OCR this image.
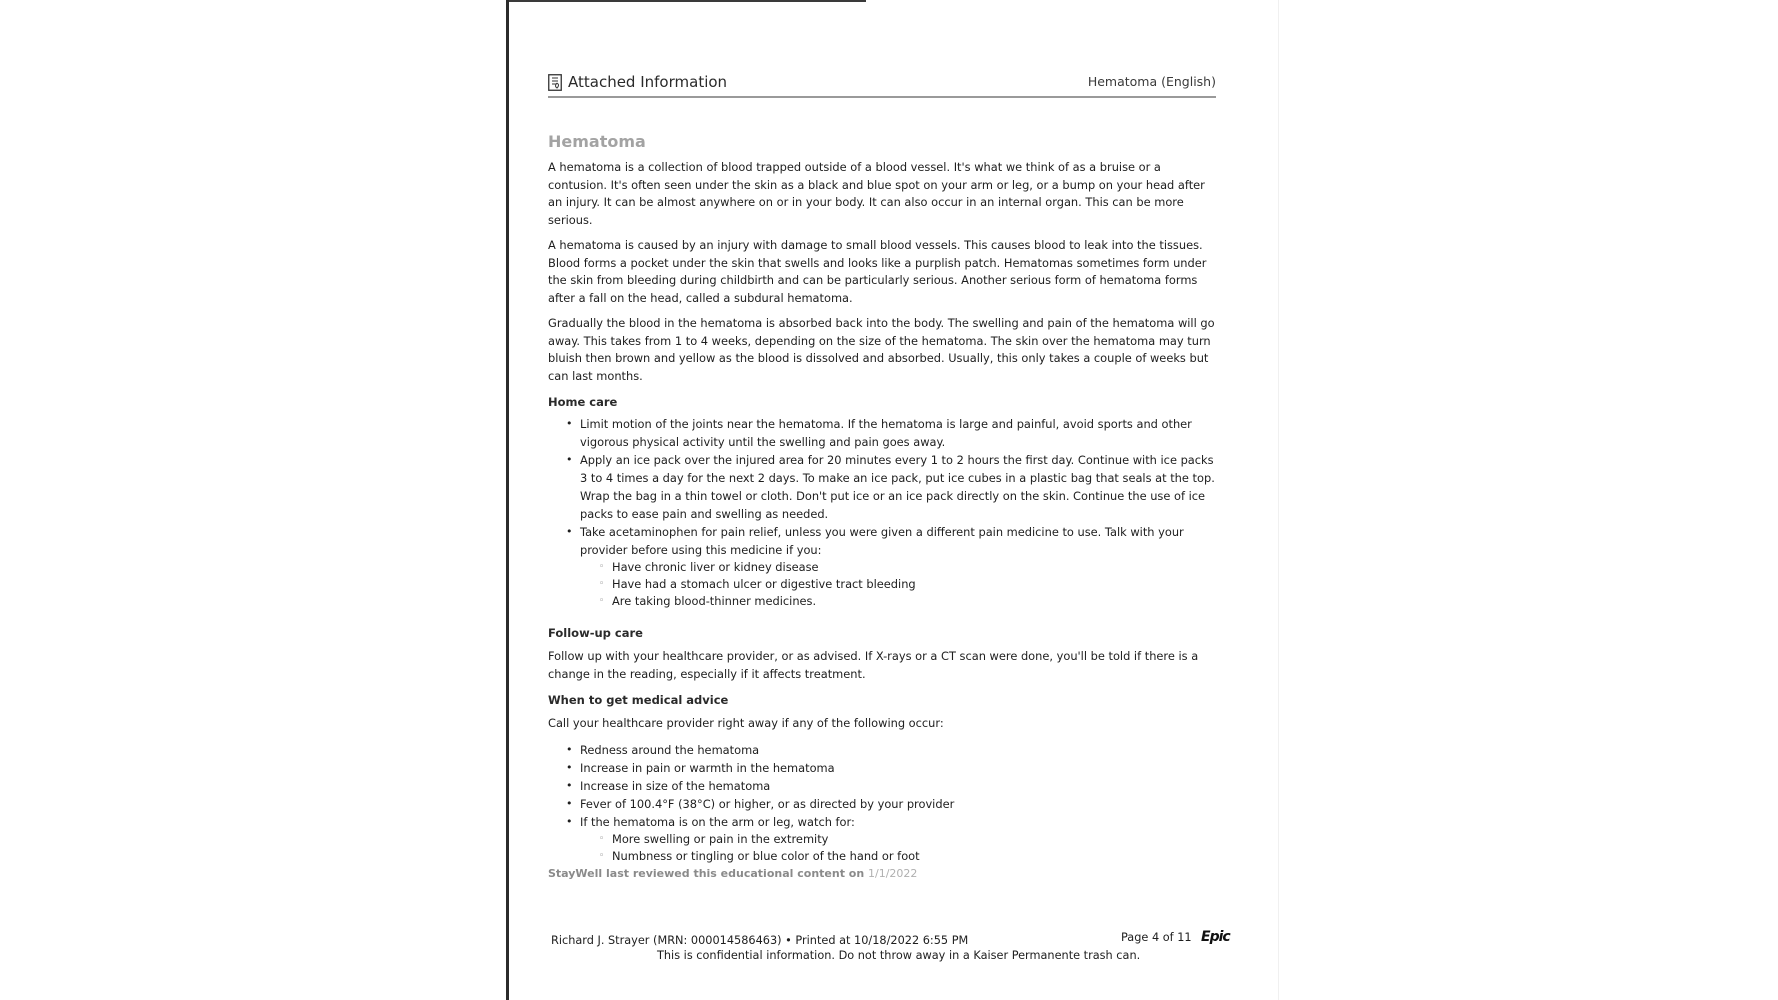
Attached Information	Hematoma (English)
Hematoma

A hematoma is a collection of blood trapped outside of a blood vessel. It's what we think of as a bruise or a contusion. It's often seen under the skin as a black and blue spot on your arm or leg, or a bump on your head after an injury. It can be almost anywhere on or in your body. It can also occur in an internal organ. This can be more serious.

A hematoma is caused by an injury with damage to small blood vessels. This causes blood to leak into the tissues. Blood forms a pocket under the skin that swells and looks like a purplish patch. Hematomas sometimes form under the skin from bleeding during childbirth and can be particularly serious. Another serious form of hematoma forms after a fall on the head, called a subdural hematoma.

Gradually the blood in the hematoma is absorbed back into the body. The swelling and pain of the hematoma will go away. This takes from 1 to 4 weeks, depending on the size of the hematoma. The skin over the hematoma may turn bluish then brown and yellow as the blood is dissolved and absorbed. Usually, this only takes a couple of weeks but can last months.

Home care
• Limit motion of the joints near the hematoma. If the hematoma is large and painful, avoid sports and other vigorous physical activity until the swelling and pain goes away.
• Apply an ice pack over the injured area for 20 minutes every 1 to 2 hours the first day. Continue with ice packs 3 to 4 times a day for the next 2 days. To make an ice pack, put ice cubes in a plastic bag that seals at the top. Wrap the bag in a thin towel or cloth. Don't put ice or an ice pack directly on the skin. Continue the use of ice packs to ease pain and swelling as needed.
• Take acetaminophen for pain relief, unless you were given a different pain medicine to use. Talk with your provider before using this medicine if you:
◦ Have chronic liver or kidney disease
◦ Have had a stomach ulcer or digestive tract bleeding
◦ Are taking blood-thinner medicines.
Follow-up care

Follow up with your healthcare provider, or as advised. If X-rays or a CT scan were done, you'll be told if there is a change in the reading, especially if it affects treatment.

When to get medical advice

Call your healthcare provider right away if any of the following occur:

• Redness around the hematoma
• Increase in pain or warmth in the hematoma
• Increase in size of the hematoma
• Fever of 100.4°F (38°C) or higher, or as directed by your provider
• If the hematoma is on the arm or leg, watch for:
◦ More swelling or pain in the extremity
◦ Numbness or tingling or blue color of the hand or foot
StayWell last reviewed this educational content on 1/1/2022
Richard J. Strayer (MRN: 000014586463) • Printed at 10/18/2022 6:55 PM	Page 4 of 11 Epic
This is confidential information. Do not throw away in a Kaiser Permanente trash can.
